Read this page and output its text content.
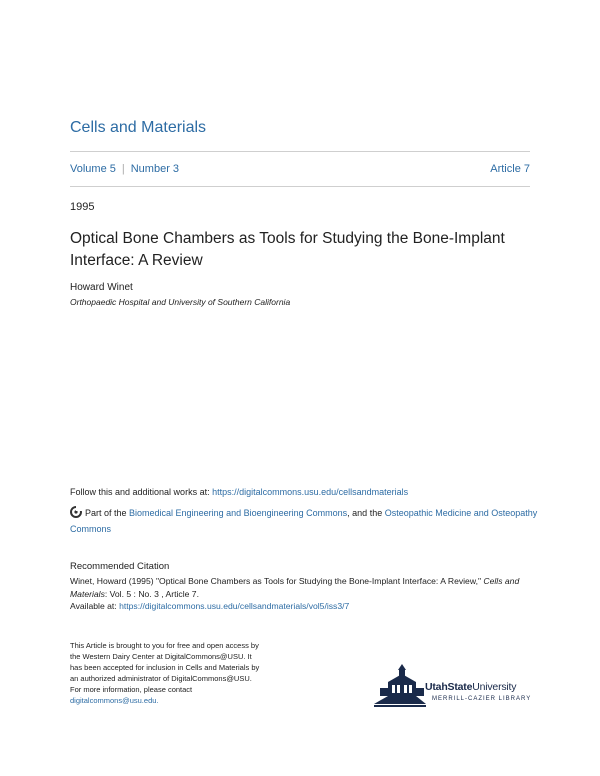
Cells and Materials
Volume 5 | Number 3	Article 7
1995
Optical Bone Chambers as Tools for Studying the Bone-Implant Interface: A Review
Howard Winet
Orthopaedic Hospital and University of Southern California
Follow this and additional works at: https://digitalcommons.usu.edu/cellsandmaterials
Part of the Biomedical Engineering and Bioengineering Commons, and the Osteopathic Medicine and Osteopathy Commons
Recommended Citation
Winet, Howard (1995) "Optical Bone Chambers as Tools for Studying the Bone-Implant Interface: A Review," Cells and Materials: Vol. 5 : No. 3 , Article 7.
Available at: https://digitalcommons.usu.edu/cellsandmaterials/vol5/iss3/7
This Article is brought to you for free and open access by
the Western Dairy Center at DigitalCommons@USU. It
has been accepted for inclusion in Cells and Materials by
an authorized administrator of DigitalCommons@USU.
For more information, please contact
digitalcommons@usu.edu.
UtahStateUniversity
MERRILL-CAZIER LIBRARY
